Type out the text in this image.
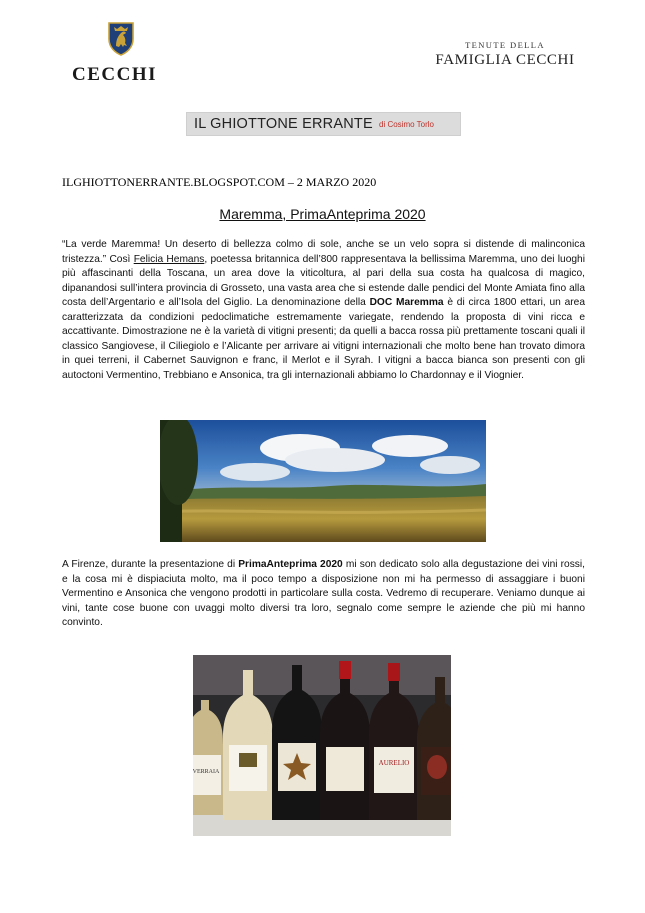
CECCHI
TENUTE DELLA
FAMIGLIA CECCHI
IL GHIOTTONE ERRANTE di Cosimo Torlo
ILGHIOTTONERRANTE.BLOGSPOT.COM – 2 MARZO 2020
Maremma, PrimaAnteprima 2020

“La verde Maremma! Un deserto di bellezza colmo di sole, anche se un velo sopra si distende di malinconica tristezza.” Così Felicia Hemans, poetessa britannica dell’800 rappresentava la bellissima Maremma, uno dei luoghi più affascinanti della Toscana, un area dove la viticoltura, al pari della sua costa ha qualcosa di magico, dipanandosi sull’intera provincia di Grosseto, una vasta area che si estende dalle pendici del Monte Amiata fino alla costa dell’Argentario e all’Isola del Giglio. La denominazione della DOC Maremma è di circa 1800 ettari, un area caratterizzata da condizioni pedoclimatiche estremamente variegate, rendendo la proposta di vini ricca e accattivante. Dimostrazione ne è la varietà di vitigni presenti; da quelli a bacca rossa più prettamente toscani quali il classico Sangiovese, il Ciliegiolo e l’Alicante per arrivare ai vitigni internazionali che molto bene han trovato dimora in quei terreni, il Cabernet Sauvignon e franc, il Merlot e il Syrah. I vitigni a bacca bianca son presenti con gli autoctoni Vermentino, Trebbiano e Ansonica, tra gli internazionali abbiamo lo Chardonnay e il Viognier.

A Firenze, durante la presentazione di PrimaAnteprima 2020 mi son dedicato solo alla degustazione dei vini rossi, e la cosa mi è dispiaciuta molto, ma il poco tempo a disposizione non mi ha permesso di assaggiare i buoni Vermentino e Ansonica che vengono prodotti in particolare sulla costa. Vedremo di recuperare. Veniamo dunque ai vini, tante cose buone con uvaggi molto diversi tra loro, segnalo come sempre le aziende che più mi hanno convinto.

VERRAIA
AURELIO
